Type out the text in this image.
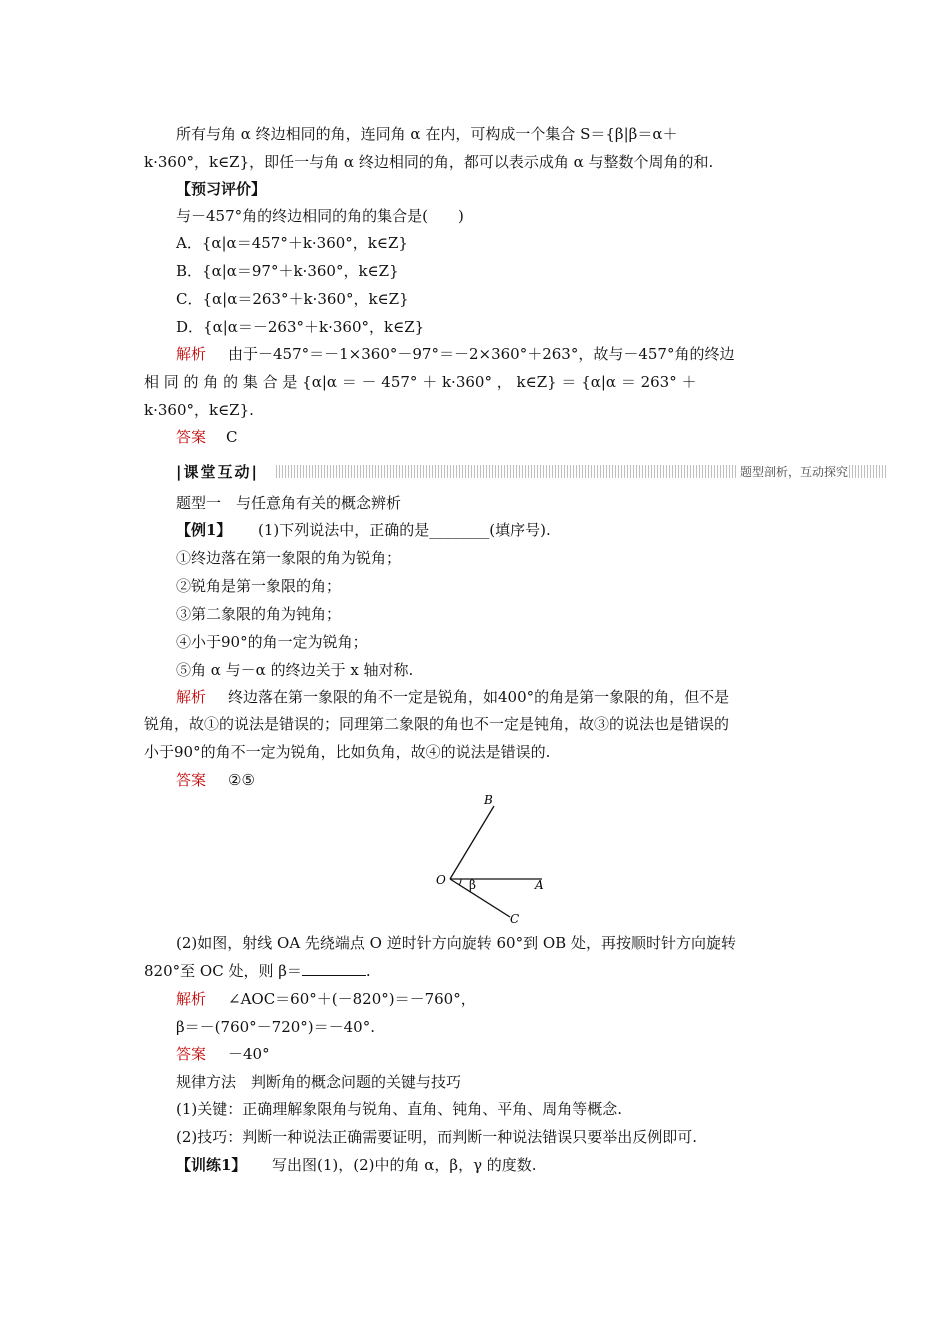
所有与角 α 终边相同的角，连同角 α 在内，可构成一个集合 S＝{β|β＝α＋
k·360°，k∈Z}，即任一与角 α 终边相同的角，都可以表示成角 α 与整数个周角的和.
【预习评价】
与－457°角的终边相同的角的集合是(　　)
A．{α|α＝457°＋k·360°，k∈Z}
B．{α|α＝97°＋k·360°，k∈Z}
C．{α|α＝263°＋k·360°，k∈Z}
D．{α|α＝－263°＋k·360°，k∈Z}
解析 由于－457°＝－1×360°－97°＝－2×360°＋263°，故与－457°角的终边
相 同 的 角 的 集 合 是 {α|α ＝ － 457° ＋ k·360° ， k∈Z} ＝ {α|α ＝ 263° ＋
k·360°，k∈Z}.
答案 C
|课堂互动|	题型剖析，互动探究
题型一　与任意角有关的概念辨析
【例1】 (1)下列说法中，正确的是________(填序号).
①终边落在第一象限的角为锐角；
②锐角是第一象限的角；
③第二象限的角为钝角；
④小于90°的角一定为锐角；
⑤角 α 与－α 的终边关于 x 轴对称.
解析 终边落在第一象限的角不一定是锐角，如400°的角是第一象限的角，但不是
锐角，故①的说法是错误的；同理第二象限的角也不一定是钝角，故③的说法也是错误的
小于90°的角不一定为锐角，比如负角，故④的说法是错误的.
答案 ②⑤
B
O	A
C
β
(2)如图，射线 OA 先绕端点 O 逆时针方向旋转 60°到 OB 处，再按顺时针方向旋转
820°至 OC 处，则 β＝	.
解析 ∠AOC＝60°＋(－820°)＝－760°，
β＝－(760°－720°)＝－40°.
答案 －40°
规律方法　判断角的概念问题的关键与技巧
(1)关键：正确理解象限角与锐角、直角、钝角、平角、周角等概念.
(2)技巧：判断一种说法正确需要证明，而判断一种说法错误只要举出反例即可.
【训练1】 写出图(1)，(2)中的角 α，β，γ 的度数.
